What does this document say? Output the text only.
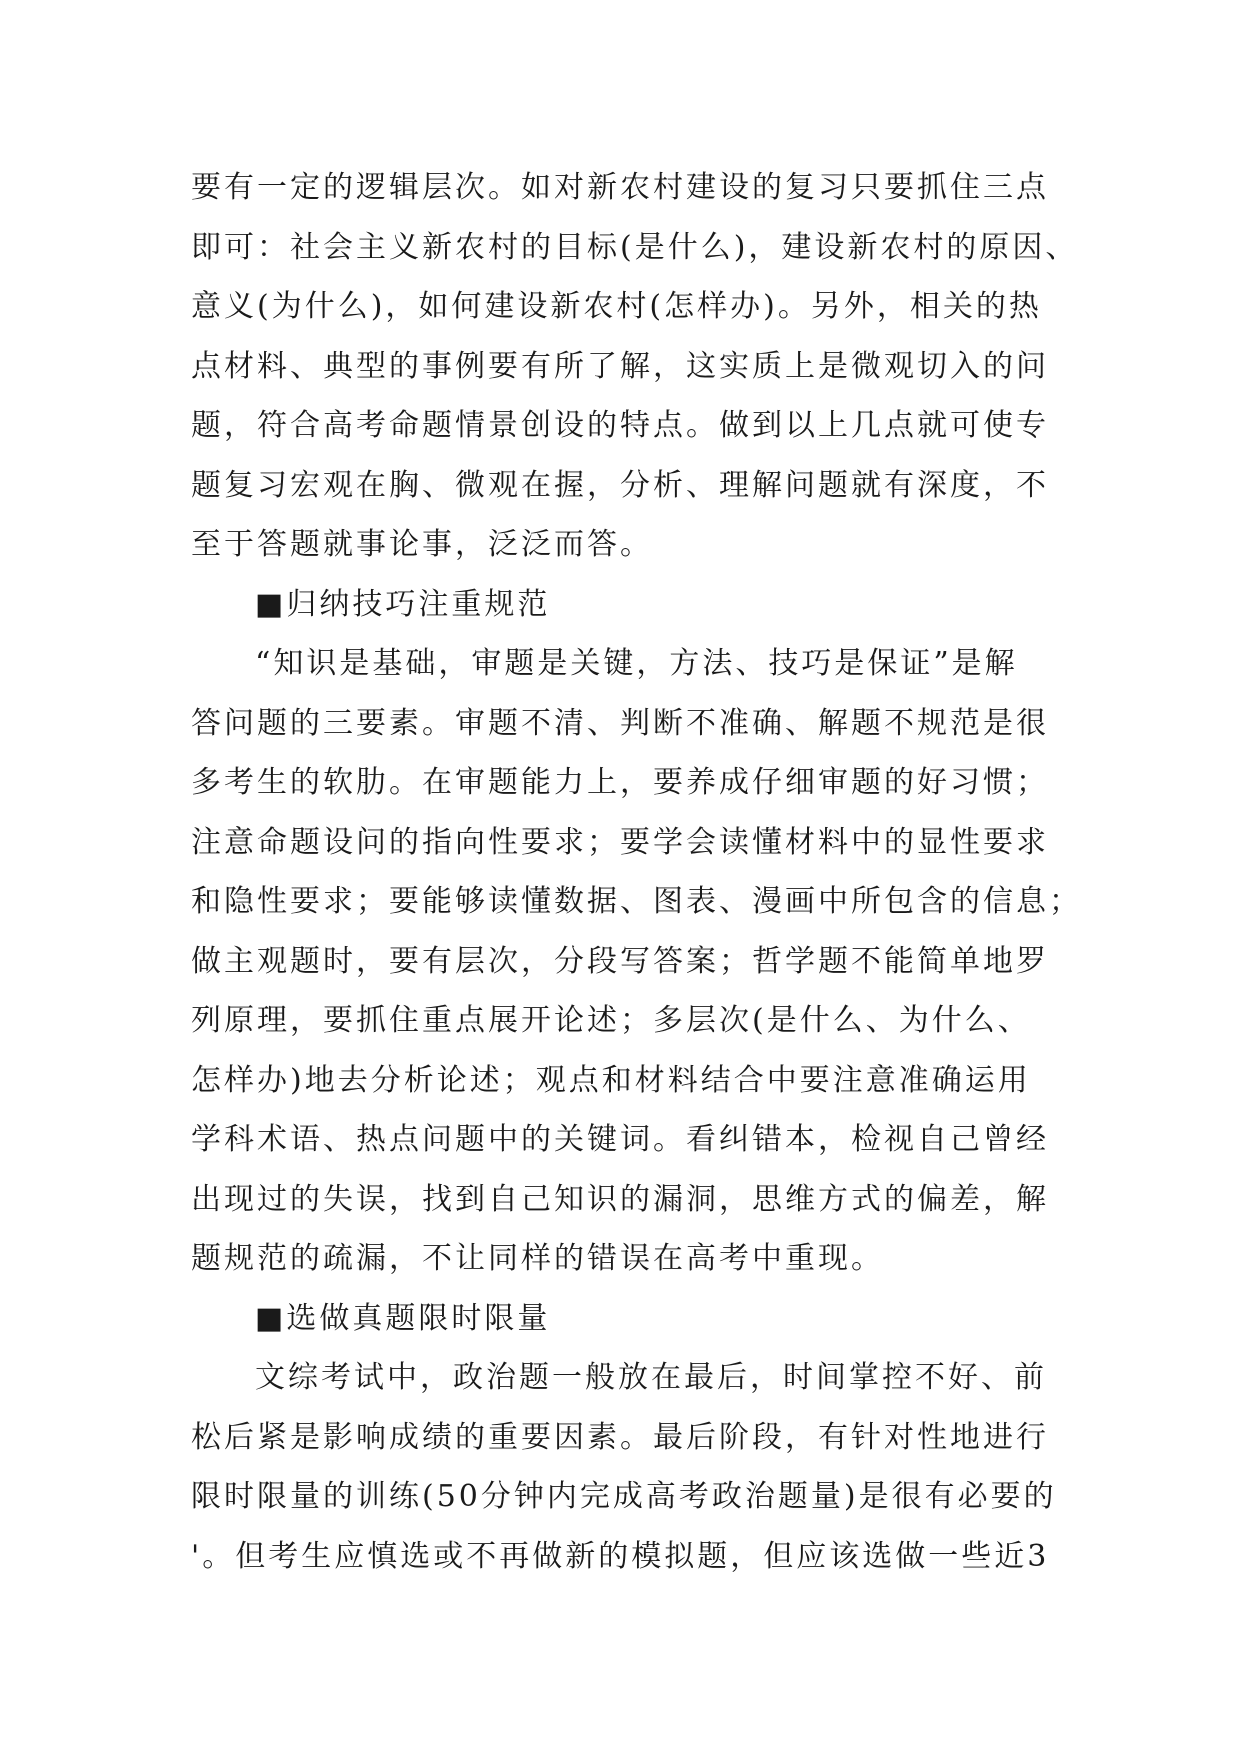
要有一定的逻辑层次。如对新农村建设的复习只要抓住三点
即可：社会主义新农村的目标(是什么)，建设新农村的原因、
意义(为什么)，如何建设新农村(怎样办)。另外，相关的热
点材料、典型的事例要有所了解，这实质上是微观切入的问
题，符合高考命题情景创设的特点。做到以上几点就可使专
题复习宏观在胸、微观在握，分析、理解问题就有深度，不
至于答题就事论事，泛泛而答。
■归纳技巧注重规范
“知识是基础，审题是关键，方法、技巧是保证”是解
答问题的三要素。审题不清、判断不准确、解题不规范是很
多考生的软肋。在审题能力上，要养成仔细审题的好习惯；
注意命题设问的指向性要求；要学会读懂材料中的显性要求
和隐性要求；要能够读懂数据、图表、漫画中所包含的信息；
做主观题时，要有层次，分段写答案；哲学题不能简单地罗
列原理，要抓住重点展开论述；多层次(是什么、为什么、
怎样办)地去分析论述；观点和材料结合中要注意准确运用
学科术语、热点问题中的关键词。看纠错本，检视自己曾经
出现过的失误，找到自己知识的漏洞，思维方式的偏差，解
题规范的疏漏，不让同样的错误在高考中重现。
■选做真题限时限量
文综考试中，政治题一般放在最后，时间掌控不好、前
松后紧是影响成绩的重要因素。最后阶段，有针对性地进行
限时限量的训练(50分钟内完成高考政治题量)是很有必要的
'。但考生应慎选或不再做新的模拟题，但应该选做一些近3
